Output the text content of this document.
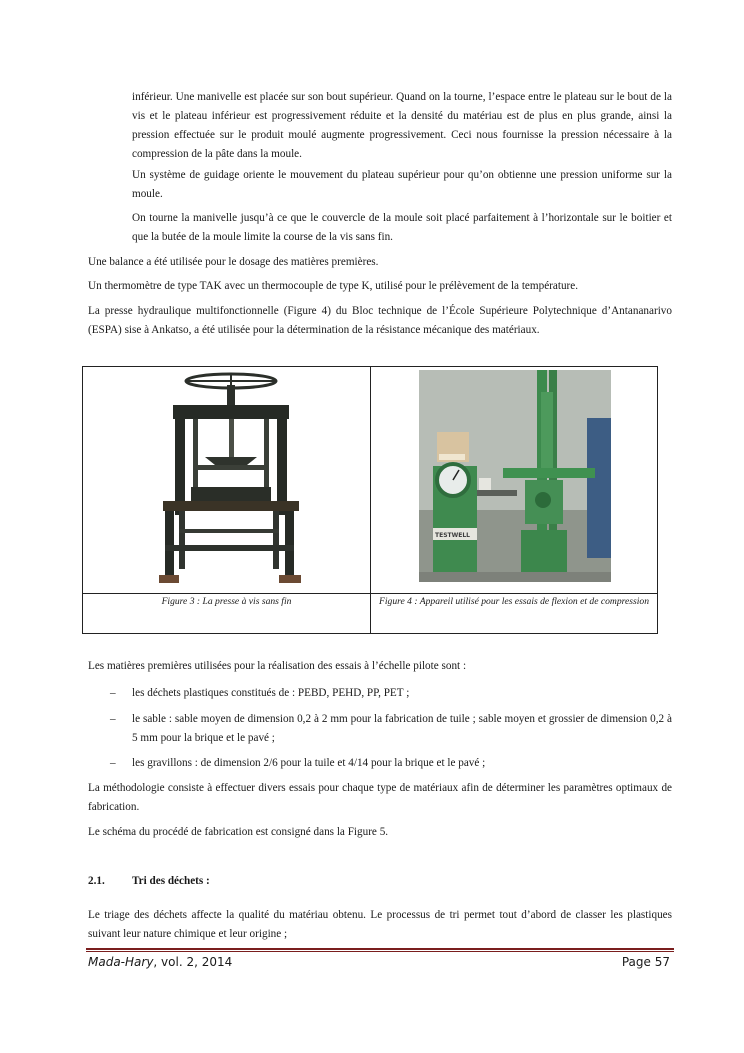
inférieur. Une manivelle est placée sur son bout supérieur. Quand on la tourne, l’espace entre le plateau sur le bout de la vis et le plateau inférieur est progressivement réduite et la densité du matériau est de plus en plus grande, ainsi la pression effectuée sur le produit moulé augmente progressivement. Ceci nous fournisse la pression nécessaire à la compression de la pâte dans la moule.

Un système de guidage oriente le mouvement du plateau supérieur pour qu’on obtienne une pression uniforme sur la moule.

On tourne la manivelle jusqu’à ce que le couvercle de la moule soit placé parfaitement à l’horizontale sur le boitier et que la butée de la moule limite la course de la vis sans fin.

Une balance a été utilisée pour le dosage des matières premières.

Un thermomètre de type TAK avec un thermocouple de type K, utilisé pour le prélèvement de la température.

La presse hydraulique multifonctionnelle (Figure 4) du Bloc technique de l’École Supérieure Polytechnique d’Antananarivo (ESPA) sise à Ankatso, a été utilisée pour la détermination de la résistance mécanique des matériaux.

TESTWELL
Figure 3 : La presse à vis sans fin	Figure 4 : Appareil utilisé pour les essais de flexion et de compression

Les matières premières utilisées pour la réalisation des essais à l’échelle pilote sont :

– les déchets plastiques constitués de : PEBD, PEHD, PP, PET ;
– le sable : sable moyen de dimension 0,2 à 2 mm pour la fabrication de tuile ; sable moyen et grossier de dimension 0,2 à 5 mm pour la brique et le pavé ;
– les gravillons : de dimension 2/6 pour la tuile et 4/14 pour la brique et le pavé ;

La méthodologie consiste à effectuer divers essais pour chaque type de matériaux afin de déterminer les paramètres optimaux de fabrication.

Le schéma du procédé de fabrication est consigné dans la Figure 5.

2.1. Tri des déchets :

Le triage des déchets affecte la qualité du matériau obtenu. Le processus de tri permet tout d’abord de classer les plastiques suivant leur nature chimique et leur origine ;

Mada-Hary, vol. 2, 2014	Page 57
